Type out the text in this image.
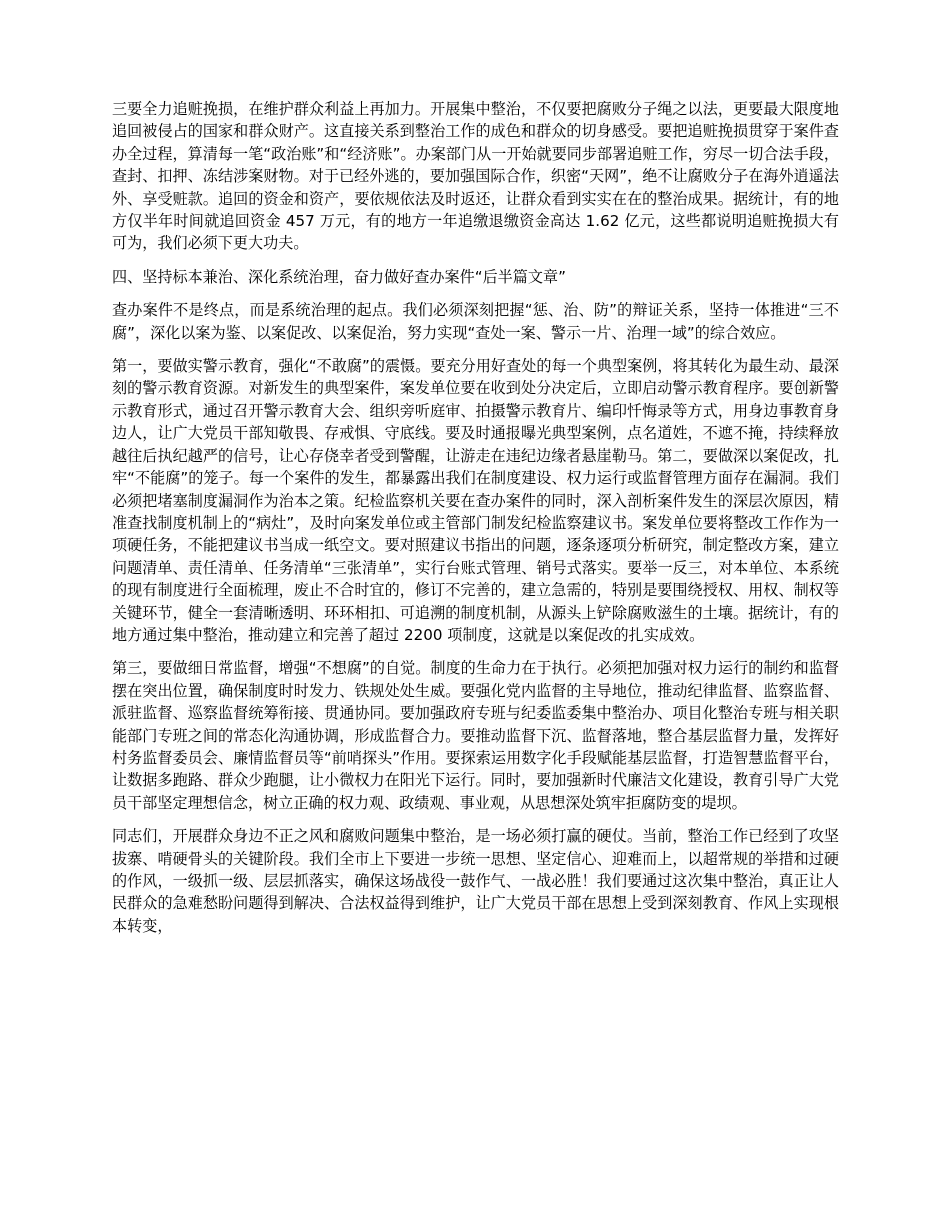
三要全力追赃挽损，在维护群众利益上再加力。开展集中整治，不仅要把腐败分子绳之以法，更要最大限度地追回被侵占的国家和群众财产。这直接关系到整治工作的成色和群众的切身感受。要把追赃挽损贯穿于案件查办全过程，算清每一笔“政治账”和“经济账”。办案部门从一开始就要同步部署追赃工作，穷尽一切合法手段，查封、扣押、冻结涉案财物。对于已经外逃的，要加强国际合作，织密“天网”，绝不让腐败分子在海外逍遥法外、享受赃款。追回的资金和资产，要依规依法及时返还，让群众看到实实在在的整治成果。据统计，有的地方仅半年时间就追回资金 457 万元，有的地方一年追缴退缴资金高达 1.62 亿元，这些都说明追赃挽损大有可为，我们必须下更大功夫。

四、坚持标本兼治、深化系统治理，奋力做好查办案件“后半篇文章”

查办案件不是终点，而是系统治理的起点。我们必须深刻把握“惩、治、防”的辩证关系，坚持一体推进“三不腐”，深化以案为鉴、以案促改、以案促治，努力实现“查处一案、警示一片、治理一域”的综合效应。

第一，要做实警示教育，强化“不敢腐”的震慑。要充分用好查处的每一个典型案例，将其转化为最生动、最深刻的警示教育资源。对新发生的典型案件，案发单位要在收到处分决定后，立即启动警示教育程序。要创新警示教育形式，通过召开警示教育大会、组织旁听庭审、拍摄警示教育片、编印忏悔录等方式，用身边事教育身边人，让广大党员干部知敬畏、存戒惧、守底线。要及时通报曝光典型案例，点名道姓，不遮不掩，持续释放越往后执纪越严的信号，让心存侥幸者受到警醒，让游走在违纪边缘者悬崖勒马。第二，要做深以案促改，扎牢“不能腐”的笼子。每一个案件的发生，都暴露出我们在制度建设、权力运行或监督管理方面存在漏洞。我们必须把堵塞制度漏洞作为治本之策。纪检监察机关要在查办案件的同时，深入剖析案件发生的深层次原因，精准查找制度机制上的“病灶”，及时向案发单位或主管部门制发纪检监察建议书。案发单位要将整改工作作为一项硬任务，不能把建议书当成一纸空文。要对照建议书指出的问题，逐条逐项分析研究，制定整改方案，建立问题清单、责任清单、任务清单“三张清单”，实行台账式管理、销号式落实。要举一反三，对本单位、本系统的现有制度进行全面梳理，废止不合时宜的，修订不完善的，建立急需的，特别是要围绕授权、用权、制权等关键环节，健全一套清晰透明、环环相扣、可追溯的制度机制，从源头上铲除腐败滋生的土壤。据统计，有的地方通过集中整治，推动建立和完善了超过 2200 项制度，这就是以案促改的扎实成效。

第三，要做细日常监督，增强“不想腐”的自觉。制度的生命力在于执行。必须把加强对权力运行的制约和监督摆在突出位置，确保制度时时发力、铁规处处生威。要强化党内监督的主导地位，推动纪律监督、监察监督、派驻监督、巡察监督统筹衔接、贯通协同。要加强政府专班与纪委监委集中整治办、项目化整治专班与相关职能部门专班之间的常态化沟通协调，形成监督合力。要推动监督下沉、监督落地，整合基层监督力量，发挥好村务监督委员会、廉情监督员等“前哨探头”作用。要探索运用数字化手段赋能基层监督，打造智慧监督平台，让数据多跑路、群众少跑腿，让小微权力在阳光下运行。同时，要加强新时代廉洁文化建设，教育引导广大党员干部坚定理想信念，树立正确的权力观、政绩观、事业观，从思想深处筑牢拒腐防变的堤坝。

同志们，开展群众身边不正之风和腐败问题集中整治，是一场必须打赢的硬仗。当前，整治工作已经到了攻坚拔寨、啃硬骨头的关键阶段。我们全市上下要进一步统一思想、坚定信心、迎难而上，以超常规的举措和过硬的作风，一级抓一级、层层抓落实，确保这场战役一鼓作气、一战必胜！我们要通过这次集中整治，真正让人民群众的急难愁盼问题得到解决、合法权益得到维护，让广大党员干部在思想上受到深刻教育、作风上实现根本转变，
